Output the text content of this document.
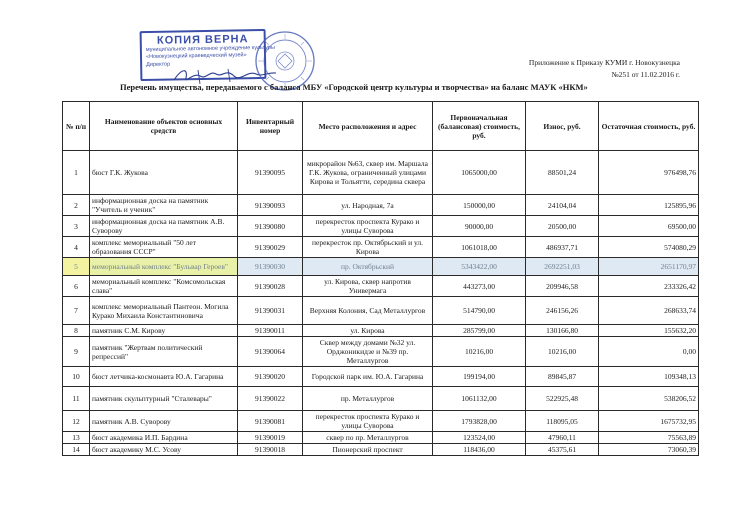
КОПИЯ ВЕРНА
муниципальное автономное учреждение культуры
«Новокузнецкий краеведческий музей»
Директор	Приложение к Приказу КУМИ г. Новокузнецка
№251 от 11.02.2016 г.
Перечень имущества, передаваемого с баланса МБУ «Городской центр культуры и творчества» на баланс МАУК «НКМ»
№ п/п	Наименование объектов основных средств	Инвентарный номер	Место расположения и адрес	Первоначальная (балансовая) стоимость, руб.	Износ, руб.	Остаточная стоимость, руб.
1	бюст Г.К. Жукова	91390095	микрорайон №63, сквер им. Маршала Г.К. Жукова, ограниченный улицами Кирова и Тольятти, середина сквера	1065000,00	88501,24	976498,76
2	информационная доска на памятник "Учитель и ученик"	91390093	ул. Народная, 7а	150000,00	24104,04	125895,96
3	информационная доска на памятник А.В. Суворову	91390080	перекресток проспекта Курако и улицы Суворова	90000,00	20500,00	69500,00
4	комплекс мемориальный "50 лет образования СССР"	91390029	перекресток пр. Октябрьский и ул. Кирова	1061018,00	486937,71	574080,29
5	мемориальный комплекс "Бульвар Героев"	91390030	пр. Октябрьский	5343422,00	2692251,03	2651170,97
6	мемориальный комплекс "Комсомольская слава"	91390028	ул. Кирова, сквер напротив Универмага	443273,00	209946,58	233326,42
7	комплекс мемориальный Пантеон. Могила Курако Михаила Константиновича	91390031	Верхняя Колония, Сад Металлургов	514790,00	246156,26	268633,74
8	памятник С.М. Кирову	91390011	ул. Кирова	285799,00	130166,80	155632,20
9	памятник "Жертвам политический репрессий"	91390064	Сквер между домами №32 ул. Орджоникидзе и №39 пр. Металлургов	10216,00	10216,00	0,00
10	бюст летчика-космонавта Ю.А. Гагарина	91390020	Городской парк им. Ю.А. Гагарина	199194,00	89845,87	109348,13
11	памятник скульптурный "Сталевары"	91390022	пр. Металлургов	1061132,00	522925,48	538206,52
12	памятник А.В. Суворову	91390081	перекресток проспекта Курако и улицы Суворова	1793828,00	118095,05	1675732,95
13	бюст академика И.П. Бардина	91390019	сквер по пр. Металлургов	123524,00	47960,11	75563,89
14	бюст академику М.С. Усову	91390018	Пионерский проспект	118436,00	45375,61	73060,39
